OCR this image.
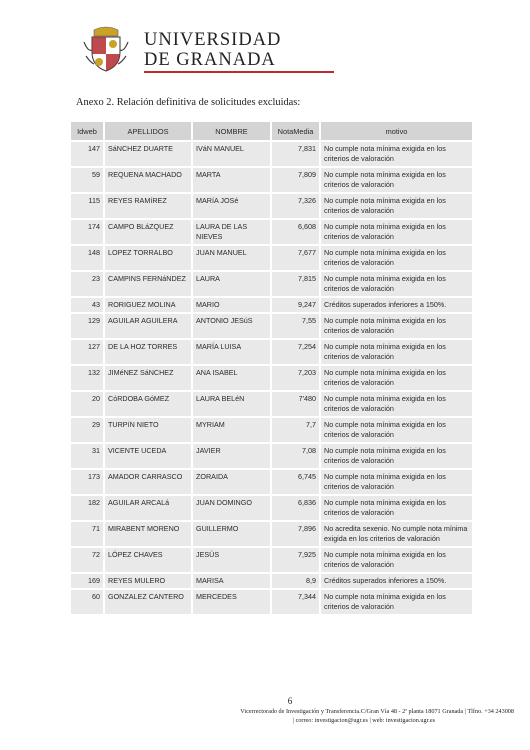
UNIVERSIDAD
DE GRANADA
Anexo 2. Relación definitiva de solicitudes excluidas:
Idweb	APELLIDOS	NOMBRE	NotaMedia	motivo
147	SáNCHEZ DUARTE	IVáN MANUEL	7,831	No cumple nota mínima exigida en los criterios de valoración
59	REQUENA MACHADO	MARTA	7,809	No cumple nota mínima exigida en los criterios de valoración
115	REYES RAMíREZ	MARíA JOSé	7,326	No cumple nota mínima exigida en los criterios de valoración
174	CAMPO BLáZQUEZ	LAURA DE LAS NIEVES	6,608	No cumple nota mínima exigida en los criterios de valoración
148	LOPEZ TORRALBO	JUAN MANUEL	7,677	No cumple nota mínima exigida en los criterios de valoración
23	CAMPINS FERNáNDEZ	LAURA	7,815	No cumple nota mínima exigida en los criterios de valoración
43	RORIGUEZ MOLINA	MARIO	9,247	Créditos superados inferiores a 150%.
129	AGUILAR AGUILERA	ANTONIO JESúS	7,55	No cumple nota mínima exigida en los criterios de valoración
127	DE LA HOZ TORRES	MARÍA LUISA	7,254	No cumple nota mínima exigida en los criterios de valoración
132	JIMéNEZ SáNCHEZ	ANA ISABEL	7,203	No cumple nota mínima exigida en los criterios de valoración
20	CóRDOBA GóMEZ	LAURA BELéN	7'480	No cumple nota mínima exigida en los criterios de valoración
29	TURPíN NIETO	MYRIAM	7,7	No cumple nota mínima exigida en los criterios de valoración
31	VICENTE UCEDA	JAVIER	7,08	No cumple nota mínima exigida en los criterios de valoración
173	AMADOR CARRASCO	ZORAIDA	6,745	No cumple nota mínima exigida en los criterios de valoración
182	AGUILAR ARCALá	JUAN DOMINGO	6,836	No cumple nota mínima exigida en los criterios de valoración
71	MIRABENT MORENO	GUILLERMO	7,896	No acredita sexenio. No cumple nota mínima exigida en los criterios de valoración
72	LÓPEZ CHAVES	JESÚS	7,925	No cumple nota mínima exigida en los criterios de valoración
169	REYES MULERO	MARISA	8,9	Créditos superados inferiores a 150%.
60	GONZALEZ CANTERO	MERCEDES	7,344	No cumple nota mínima exigida en los criterios de valoración
6
Vicerrectorado de Investigación y Transferencia.C/Gran Vía 48 - 2ª planta 18071 Granada | Tlfno. +34 243008
| correo: investigacion@ugr.es | web: investigacion.ugr.es
